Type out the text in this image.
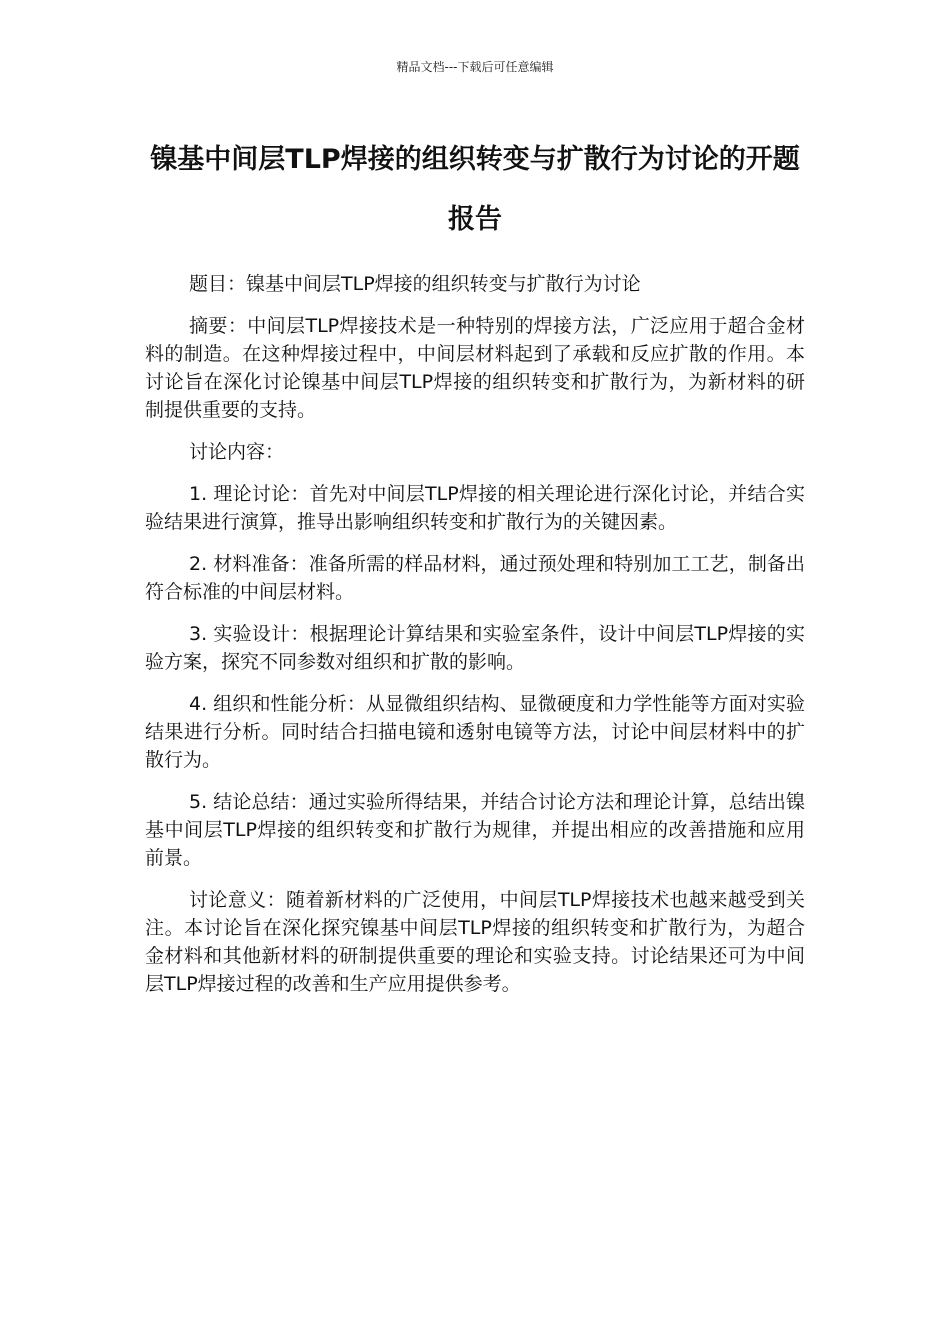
精品文档---下载后可任意编辑
镍基中间层TLP焊接的组织转变与扩散行为讨论的开题报告

题目：镍基中间层TLP焊接的组织转变与扩散行为讨论

摘要：中间层TLP焊接技术是一种特别的焊接方法，广泛应用于超合金材料的制造。在这种焊接过程中，中间层材料起到了承载和反应扩散的作用。本讨论旨在深化讨论镍基中间层TLP焊接的组织转变和扩散行为，为新材料的研制提供重要的支持。

讨论内容：

1. 理论讨论：首先对中间层TLP焊接的相关理论进行深化讨论，并结合实验结果进行演算，推导出影响组织转变和扩散行为的关键因素。

2. 材料准备：准备所需的样品材料，通过预处理和特别加工工艺，制备出符合标准的中间层材料。

3. 实验设计：根据理论计算结果和实验室条件，设计中间层TLP焊接的实验方案，探究不同参数对组织和扩散的影响。

4. 组织和性能分析：从显微组织结构、显微硬度和力学性能等方面对实验结果进行分析。同时结合扫描电镜和透射电镜等方法，讨论中间层材料中的扩散行为。

5. 结论总结：通过实验所得结果，并结合讨论方法和理论计算，总结出镍基中间层TLP焊接的组织转变和扩散行为规律，并提出相应的改善措施和应用前景。

讨论意义：随着新材料的广泛使用，中间层TLP焊接技术也越来越受到关注。本讨论旨在深化探究镍基中间层TLP焊接的组织转变和扩散行为，为超合金材料和其他新材料的研制提供重要的理论和实验支持。讨论结果还可为中间层TLP焊接过程的改善和生产应用提供参考。
